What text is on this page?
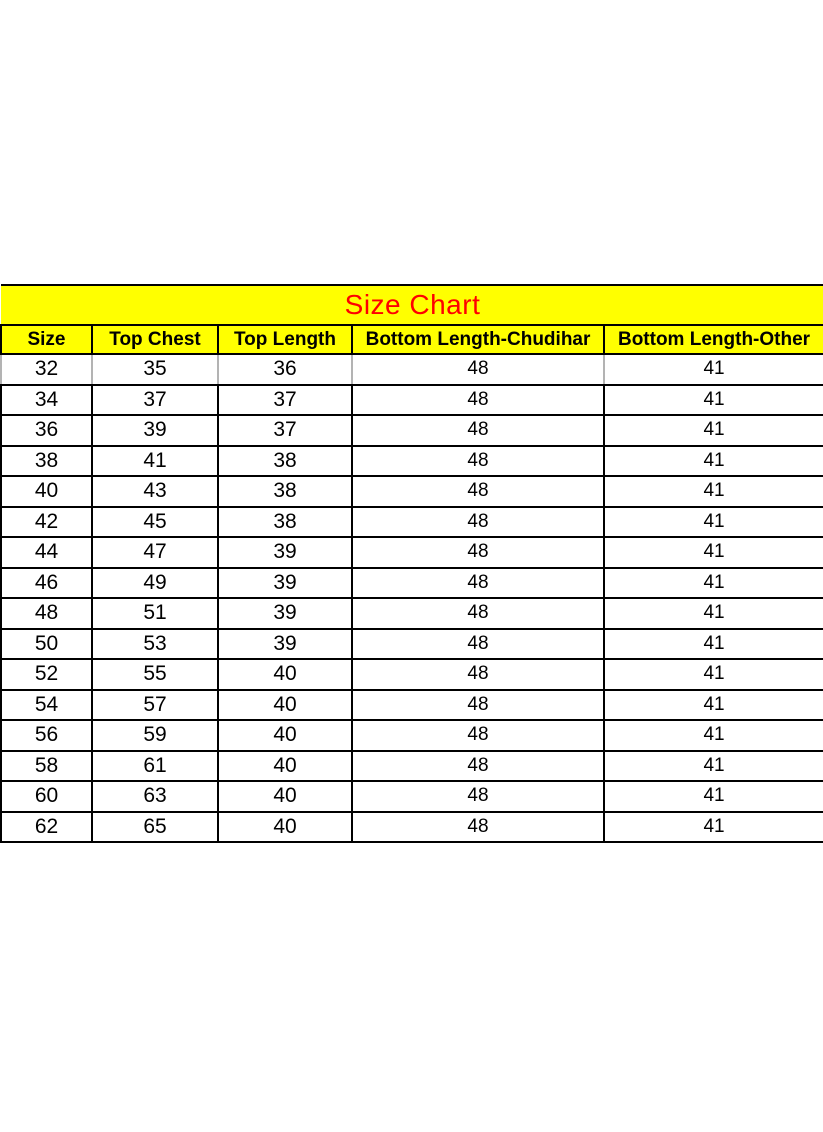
Size Chart				
Size	Top Chest	Top Length	Bottom Length-Chudihar	Bottom Length-Other
32	35	36	48	41
34	37	37	48	41
36	39	37	48	41
38	41	38	48	41
40	43	38	48	41
42	45	38	48	41
44	47	39	48	41
46	49	39	48	41
48	51	39	48	41
50	53	39	48	41
52	55	40	48	41
54	57	40	48	41
56	59	40	48	41
58	61	40	48	41
60	63	40	48	41
62	65	40	48	41
